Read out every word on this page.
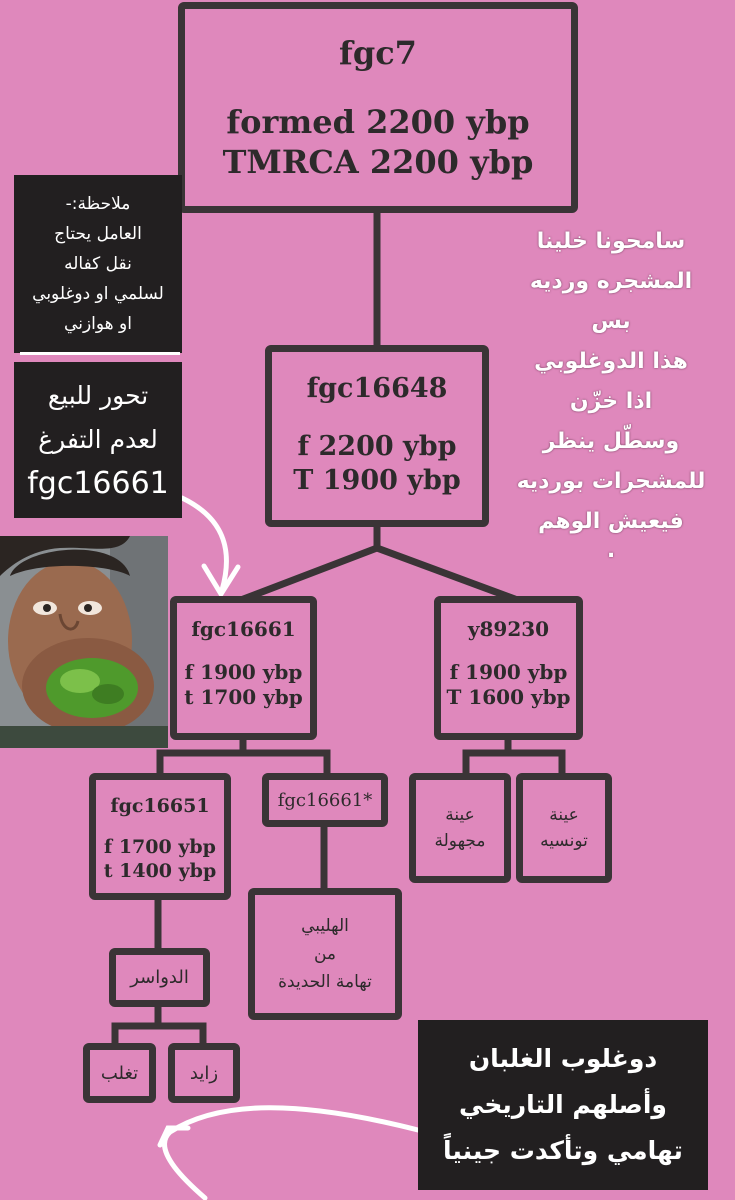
fgc7
formed 2200 ybp
TMRCA 2200 ybp
fgc16648
f 2200 ybp
T 1900 ybp
fgc16661
f 1900 ybp
t 1700 ybp
y89230
f 1900 ybp
T 1600 ybp
fgc16651
f 1700 ybp
t 1400 ybp
fgc16661*
عينة
مجهولة
عينة
تونسيه
الهليبي
من
تهامة الحديدة
الدواسر
تغلب	زايد
ملاحظة:-
العامل يحتاج
نقل كفاله
لسلمي او دوغلوبي
او هوازني
تحور للبيع
لعدم التفرغ
fgc16661
سامحونا خلينا
المشجره ورديه
بس
هذا الدوغلوبي
اذا خزّن
وسطّل ينظر
للمشجرات بورديه
فيعيش الوهم
.
دوغلوب الغلبان
وأصلهم التاريخي
تهامي وتأكدت جينياً
